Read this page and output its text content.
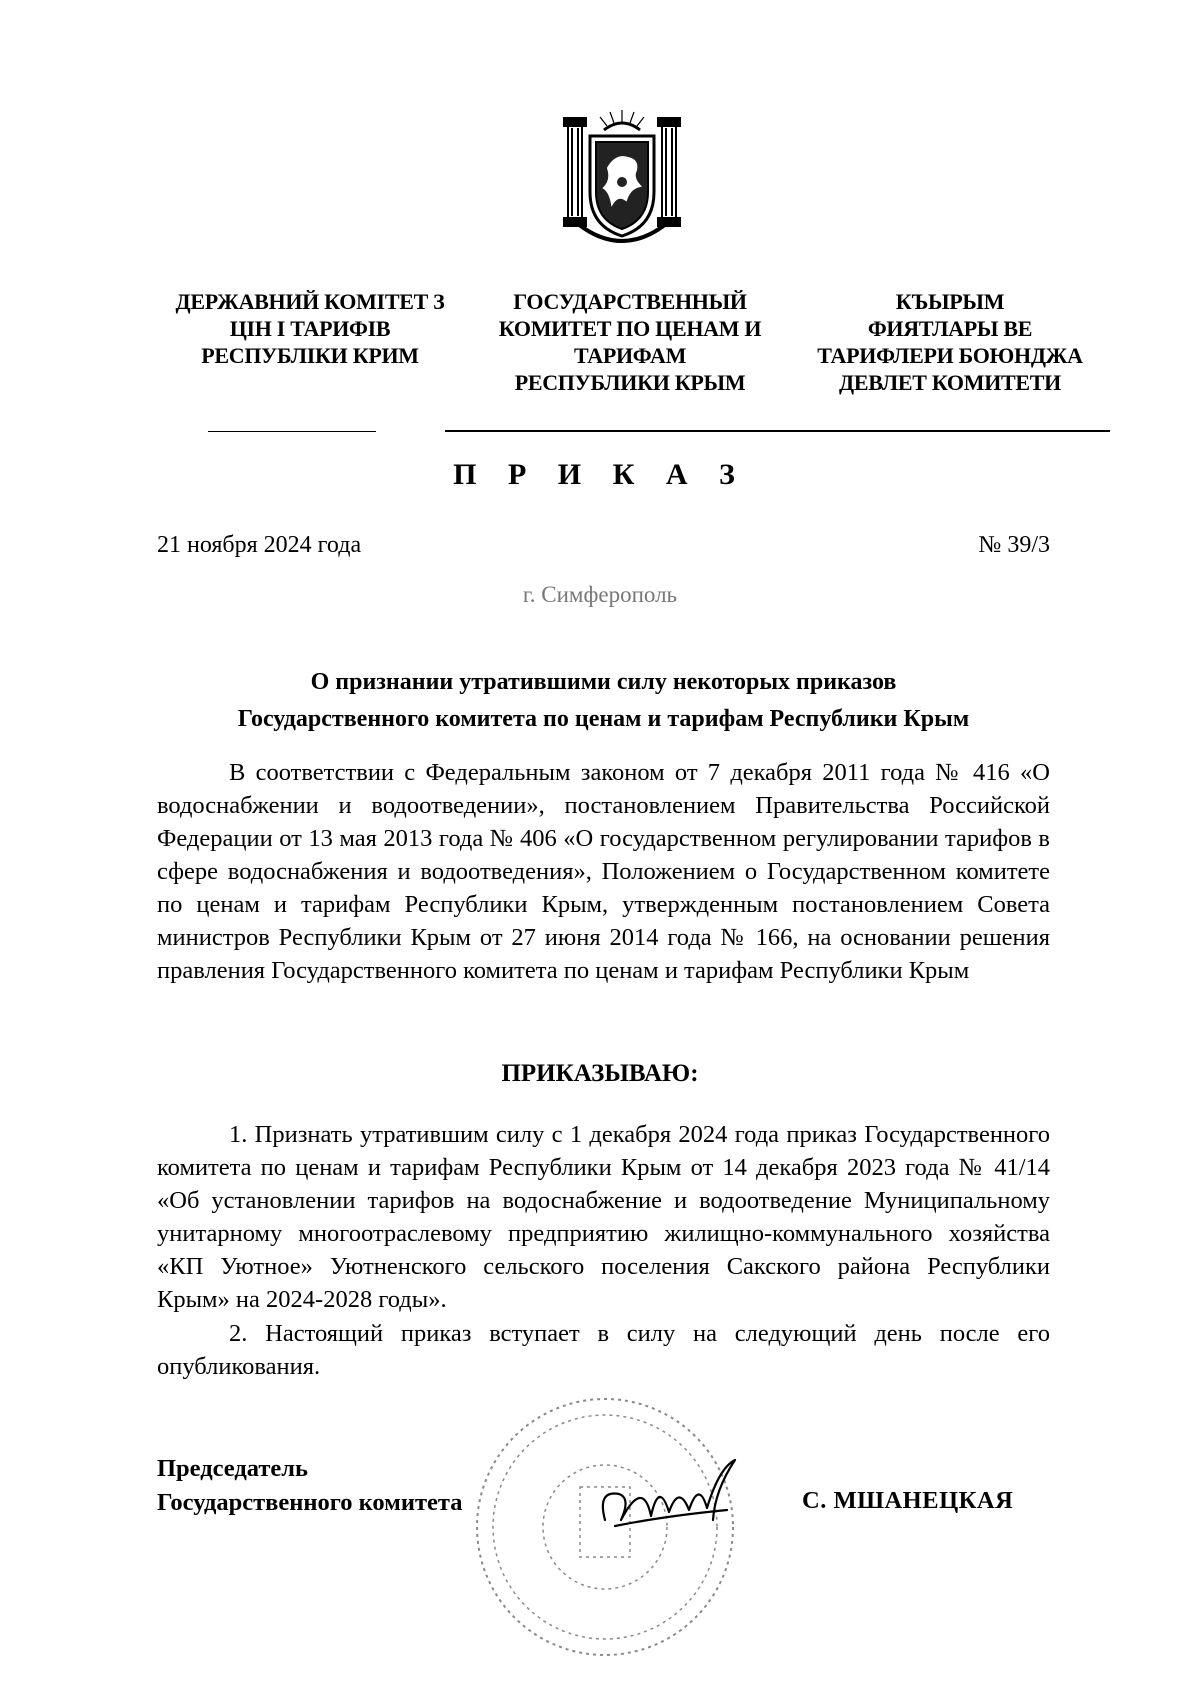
ДЕРЖАВНИЙ КОМІТЕТ З
ЦІН І ТАРИФІВ
РЕСПУБЛІКИ КРИМ
ГОСУДАРСТВЕННЫЙ
КОМИТЕТ ПО ЦЕНАМ И
ТАРИФАМ
РЕСПУБЛИКИ КРЫМ
КЪЫРЫМ
ФИЯТЛАРЫ ВЕ
ТАРИФЛЕРИ БОЮНДЖА
ДЕВЛЕТ КОМИТЕТИ
П Р И К А З
21 ноября 2024 года	№ 39/3
г. Симферополь
О признании утратившими силу некоторых приказов
Государственного комитета по ценам и тарифам Республики Крым

В соответствии с Федеральным законом от 7 декабря 2011 года № 416 «О водоснабжении и водоотведении», постановлением Правительства Российской Федерации от 13 мая 2013 года № 406 «О государственном регулировании тарифов в сфере водоснабжения и водоотведения», Положением о Государственном комитете по ценам и тарифам Республики Крым, утвержденным постановлением Совета министров Республики Крым от 27 июня 2014 года № 166, на основании решения правления Государственного комитета по ценам и тарифам Республики Крым

ПРИКАЗЫВАЮ:

1. Признать утратившим силу с 1 декабря 2024 года приказ Государственного комитета по ценам и тарифам Республики Крым от 14 декабря 2023 года № 41/14 «Об установлении тарифов на водоснабжение и водоотведение Муниципальному унитарному многоотраслевому предприятию жилищно-коммунального хозяйства «КП Уютное» Уютненского сельского поселения Сакского района Республики Крым» на 2024-2028 годы».

2. Настоящий приказ вступает в силу на следующий день после его опубликования.

Председатель
Государственного комитета	С. МШАНЕЦКАЯ
